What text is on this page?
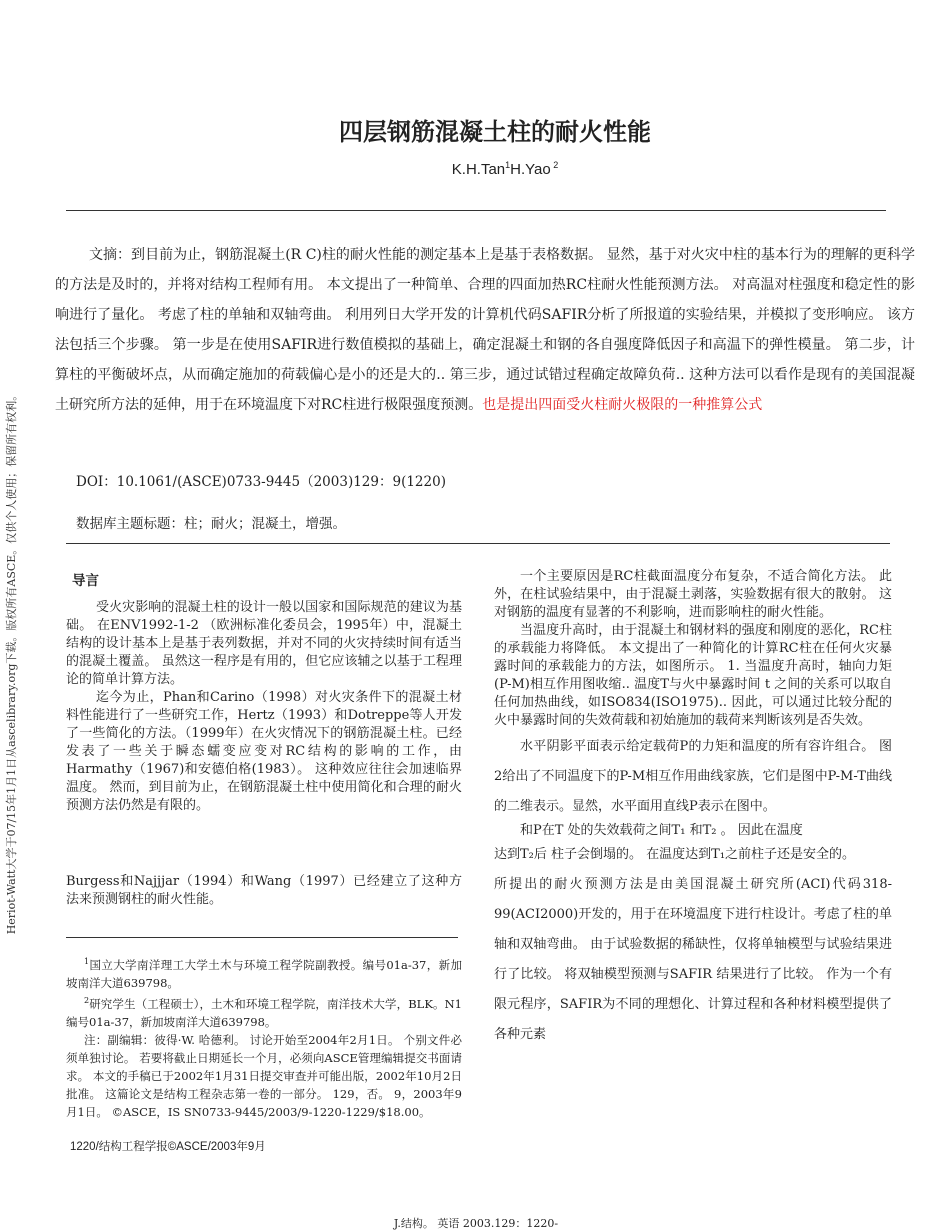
Heriot-Watt大学于07/15年1月1日从ascelibrary.org下载。版权所有ASCE。仅供个人使用；保留所有权利。
四层钢筋混凝土柱的耐火性能
K.H.Tan$^1$H.Yao $^2$
文摘：到目前为止，钢筋混凝土(R C)柱的耐火性能的测定基本上是基于表格数据。 显然，基于对火灾中柱的基本行为的理解的更科学的方法是及时的，并将对结构工程师有用。 本文提出了一种简单、合理的四面加热RC柱耐火性能预测方法。 对高温对柱强度和稳定性的影响进行了量化。 考虑了柱的单轴和双轴弯曲。 利用列日大学开发的计算机代码SAFIR分析了所报道的实验结果，并模拟了变形响应。 该方法包括三个步骤。 第一步是在使用SAFIR进行数值模拟的基础上，确定混凝土和钢的各自强度降低因子和高温下的弹性模量。 第二步，计算柱的平衡破坏点，从而确定施加的荷载偏心是小的还是大的.. 第三步，通过试错过程确定故障负荷.. 这种方法可以看作是现有的美国混凝土研究所方法的延伸，用于在环境温度下对RC柱进行极限强度预测。也是提出四面受火柱耐火极限的一种推算公式
DOI：10.1061/(ASCE)0733-9445（2003)129：9(1220)
数据库主题标题：柱；耐火；混凝土，增强。
导言

受火灾影响的混凝土柱的设计一般以国家和国际规范的建议为基础。 在ENV1992-1-2 （欧洲标准化委员会，1995年）中，混凝土结构的设计基本上是基于表列数据，并对不同的火灾持续时间有适当的混凝土覆盖。 虽然这一程序是有用的，但它应该辅之以基于工程理论的简单计算方法。

迄今为止，Phan和Carino（1998）对火灾条件下的混凝土材料性能进行了一些研究工作，Hertz（1993）和Dotreppe等人开发了一些简化的方法。（1999年）在火灾情况下的钢筋混凝土柱。已经发表了一些关于瞬态蠕变应变对RC结构的影响的工作，由Harmathy（1967)和安德伯格(1983）。 这种效应往往会加速临界温度。 然而，到目前为止，在钢筋混凝土柱中使用简化和合理的耐火预测方法仍然是有限的。

Burgess和Najjjar（1994）和Wang（1997）已经建立了这种方法来预测钢柱的耐火性能。

$^1$国立大学南洋理工大学土木与环境工程学院副教授。编号01a-37，新加坡南洋大道639798。

$^2$研究学生（工程硕士），土木和环境工程学院，南洋技术大学，BLK。N1 编号01a-37，新加坡南洋大道639798。

注：副编辑：彼得·W. 哈德利。 讨论开始至2004年2月1日。 个别文件必须单独讨论。 若要将截止日期延长一个月，必须向ASCE管理编辑提交书面请求。 本文的手稿已于2002年1月31日提交审查并可能出版，2002年10月2日批准。 这篇论文是结构工程杂志第一卷的一部分。 129，否。 9，2003年9月1日。 ©ASCE，IS SN0733-9445/2003/9-1220-1229/$18.00。

1220/结构工程学报©ASCE/2003年9月

一个主要原因是RC柱截面温度分布复杂，不适合简化方法。 此外，在柱试验结果中，由于混凝土剥落，实验数据有很大的散射。 这对钢筋的温度有显著的不利影响，进而影响柱的耐火性能。

当温度升高时，由于混凝土和钢材料的强度和刚度的恶化，RC柱的承载能力将降低。 本文提出了一种简化的计算RC柱在任何火灾暴露时间的承载能力的方法，如图所示。 1. 当温度升高时，轴向力矩(P-M)相互作用图收缩.. 温度T与火中暴露时间 t 之间的关系可以取自任何加热曲线，如ISO834(ISO1975).. 因此，可以通过比较分配的火中暴露时间的失效荷载和初始施加的载荷来判断该列是否失效。

水平阴影平面表示给定载荷P的力矩和温度的所有容许组合。 图 2给出了不同温度下的P-M相互作用曲线家族，它们是图中P-M-T曲线的二维表示。显然，水平面用直线P表示在图中。

和P在T 处的失效载荷之间T₁ 和T₂ 。 因此在温度

达到T₂后 柱子会倒塌的。 在温度达到T₁之前柱子还是安全的。

所提出的耐火预测方法是由美国混凝土研究所(ACI)代码318-99(ACI2000)开发的，用于在环境温度下进行柱设计。考虑了柱的单轴和双轴弯曲。 由于试验数据的稀缺性，仅将单轴模型与试验结果进行了比较。 将双轴模型预测与SAFIR 结果进行了比较。 作为一个有限元程序，SAFIR为不同的理想化、计算过程和各种材料模型提供了各种元素

J.结构。 英语 2003.129：1220-
